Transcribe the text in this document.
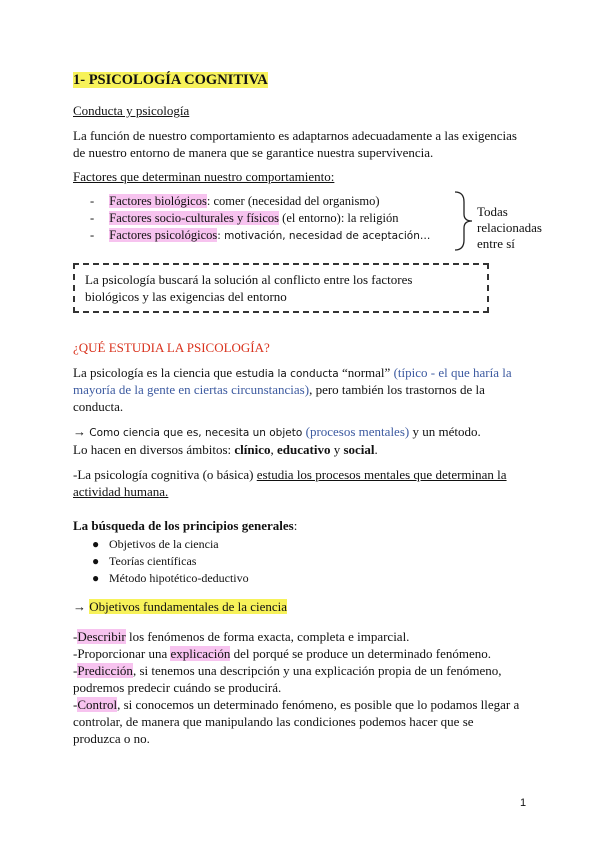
1- PSICOLOGÍA COGNITIVA
Conducta y psicología
La función de nuestro comportamiento es adaptarnos adecuadamente a las exigencias
de nuestro entorno de manera que se garantice nuestra supervivencia.
Factores que determinan nuestro comportamiento:
- Factores biológicos: comer (necesidad del organismo)
- Factores socio-culturales y físicos (el entorno): la religión
- Factores psicológicos: motivación, necesidad de aceptación…
Todas
relacionadas
entre sí
La psicología buscará la solución al conflicto entre los factores
biológicos y las exigencias del entorno
¿QUÉ ESTUDIA LA PSICOLOGÍA?
La psicología es la ciencia que estudia la conducta “normal” (típico - el que haría la
mayoría de la gente en ciertas circunstancias), pero también los trastornos de la
conducta.
→ Como ciencia que es, necesita un objeto (procesos mentales) y un método.
Lo hacen en diversos ámbitos: clínico, educativo y social.
-La psicología cognitiva (o básica) estudia los procesos mentales que determinan la
actividad humana.
La búsqueda de los principios generales:
● Objetivos de la ciencia
● Teorías científicas
● Método hipotético-deductivo
→ Objetivos fundamentales de la ciencia
-Describir los fenómenos de forma exacta, completa e imparcial.
-Proporcionar una explicación del porqué se produce un determinado fenómeno.
-Predicción, si tenemos una descripción y una explicación propia de un fenómeno,
podremos predecir cuándo se producirá.
-Control, si conocemos un determinado fenómeno, es posible que lo podamos llegar a
controlar, de manera que manipulando las condiciones podemos hacer que se
produzca o no.
1
